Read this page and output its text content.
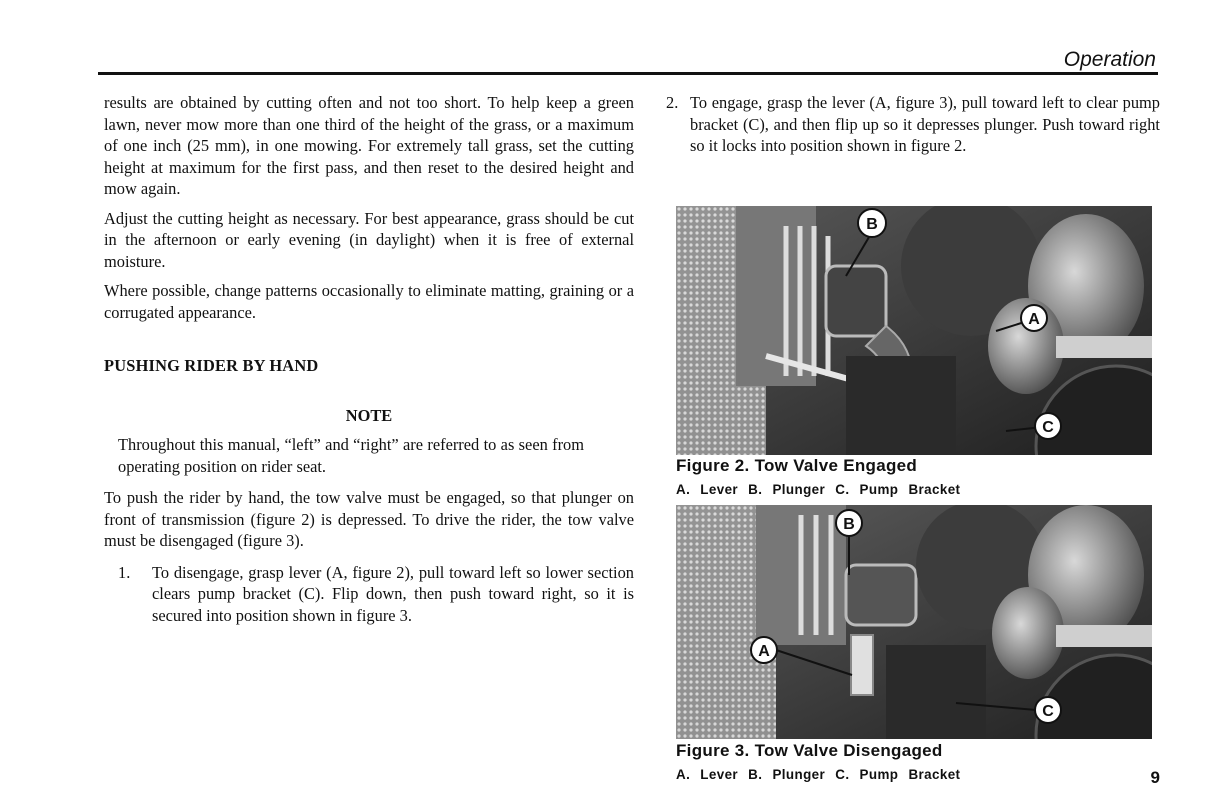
Operation

results are obtained by cutting often and not too short. To help keep a green lawn, never mow more than one third of the height of the grass, or a maximum of one inch (25 mm), in one mowing. For extremely tall grass, set the cutting height at maximum for the first pass, and then reset to the desired height and mow again.

Adjust the cutting height as necessary. For best appearance, grass should be cut in the afternoon or early evening (in daylight) when it is free of external moisture.

Where possible, change patterns occasionally to eliminate matting, graining or a corrugated appearance.

PUSHING RIDER BY HAND

NOTE

Throughout this manual, “left” and “right” are referred to as seen from operating position on rider seat.

To push the rider by hand, the tow valve must be engaged, so that plunger on front of transmission (figure 2) is depressed. To drive the rider, the tow valve must be disengaged (figure 3).

1.	To disengage, grasp lever (A, figure 2), pull toward left so lower section clears pump bracket (C). Flip down, then push toward right, so it is secured into position shown in figure 3.

2. To engage, grasp the lever (A, figure 3), pull toward left to clear pump bracket (C), and then flip up so it depresses plunger. Push toward right so it locks into position shown in figure 2.

B
A
C
Figure 2. Tow Valve Engaged
A. Lever B. Plunger C. Pump Bracket
B
A
C
Figure 3. Tow Valve Disengaged
A. Lever B. Plunger C. Pump Bracket	9
